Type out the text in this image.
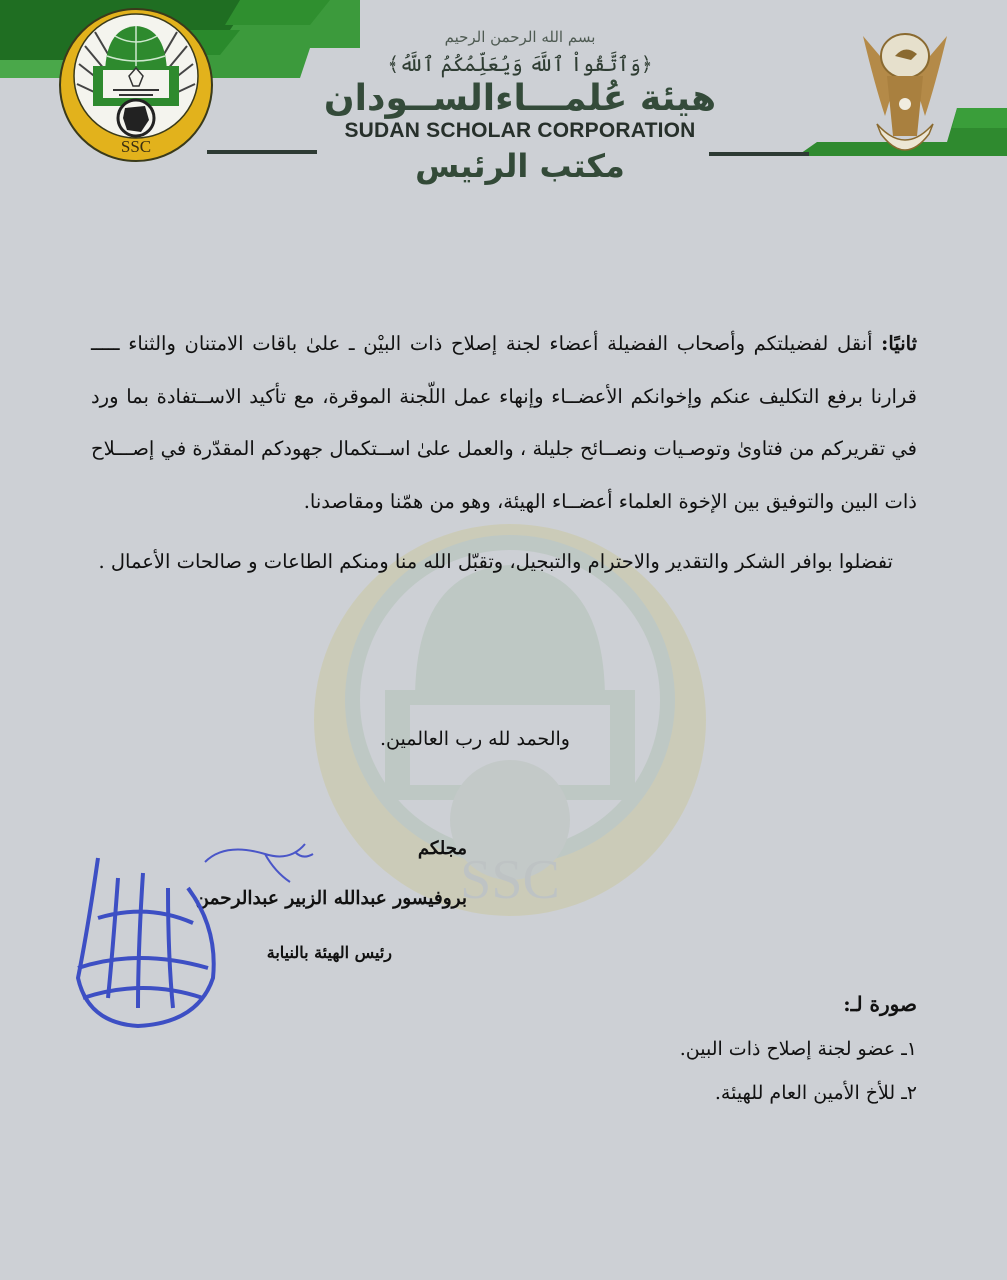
SSC
بسم الله الرحمن الرحيم
﴿وَٱتَّقُواْ ٱللَّهَ وَيُعَلِّمُكُمُ ٱللَّهُ﴾
هيئة عُلمـــاءالســودان
SUDAN SCHOLAR CORPORATION
مكتب الرئيس
SSC

ثانيًا: أنقل لفضيلتكم وأصحاب الفضيلة أعضاء لجنة إصلاح ذات البيْن ـ علىٰ باقات الامتنان والثناء ـــــ قرارنا برفع التكليف عنكم وإخوانكم الأعضــاء وإنهاء عمل اللّجنة الموقرة، مع تأكيد الاســتفادة بما ورد في تقريركم من فتاوىٰ وتوصـيات ونصــائح جليلة ، والعمل علىٰ اســتكمال جهودكم المقدّرة في إصـــلاح ذات البين والتوفيق بين الإخوة العلماء أعضــاء الهيئة، وهو من همّنا ومقاصدنا.

تفضلوا بوافر الشكر والتقدير والاحترام والتبجيل، وتقبّل الله منا ومنكم الطاعات و صالحات الأعمال .

والحمد لله رب العالمين.
مجلكم
بروفيسور عبدالله الزبير عبدالرحمن
رئيس الهيئة بالنيابة
صورة لـ:
١ـ عضو لجنة إصلاح ذات البين.
٢ـ للأخ الأمين العام للهيئة.
